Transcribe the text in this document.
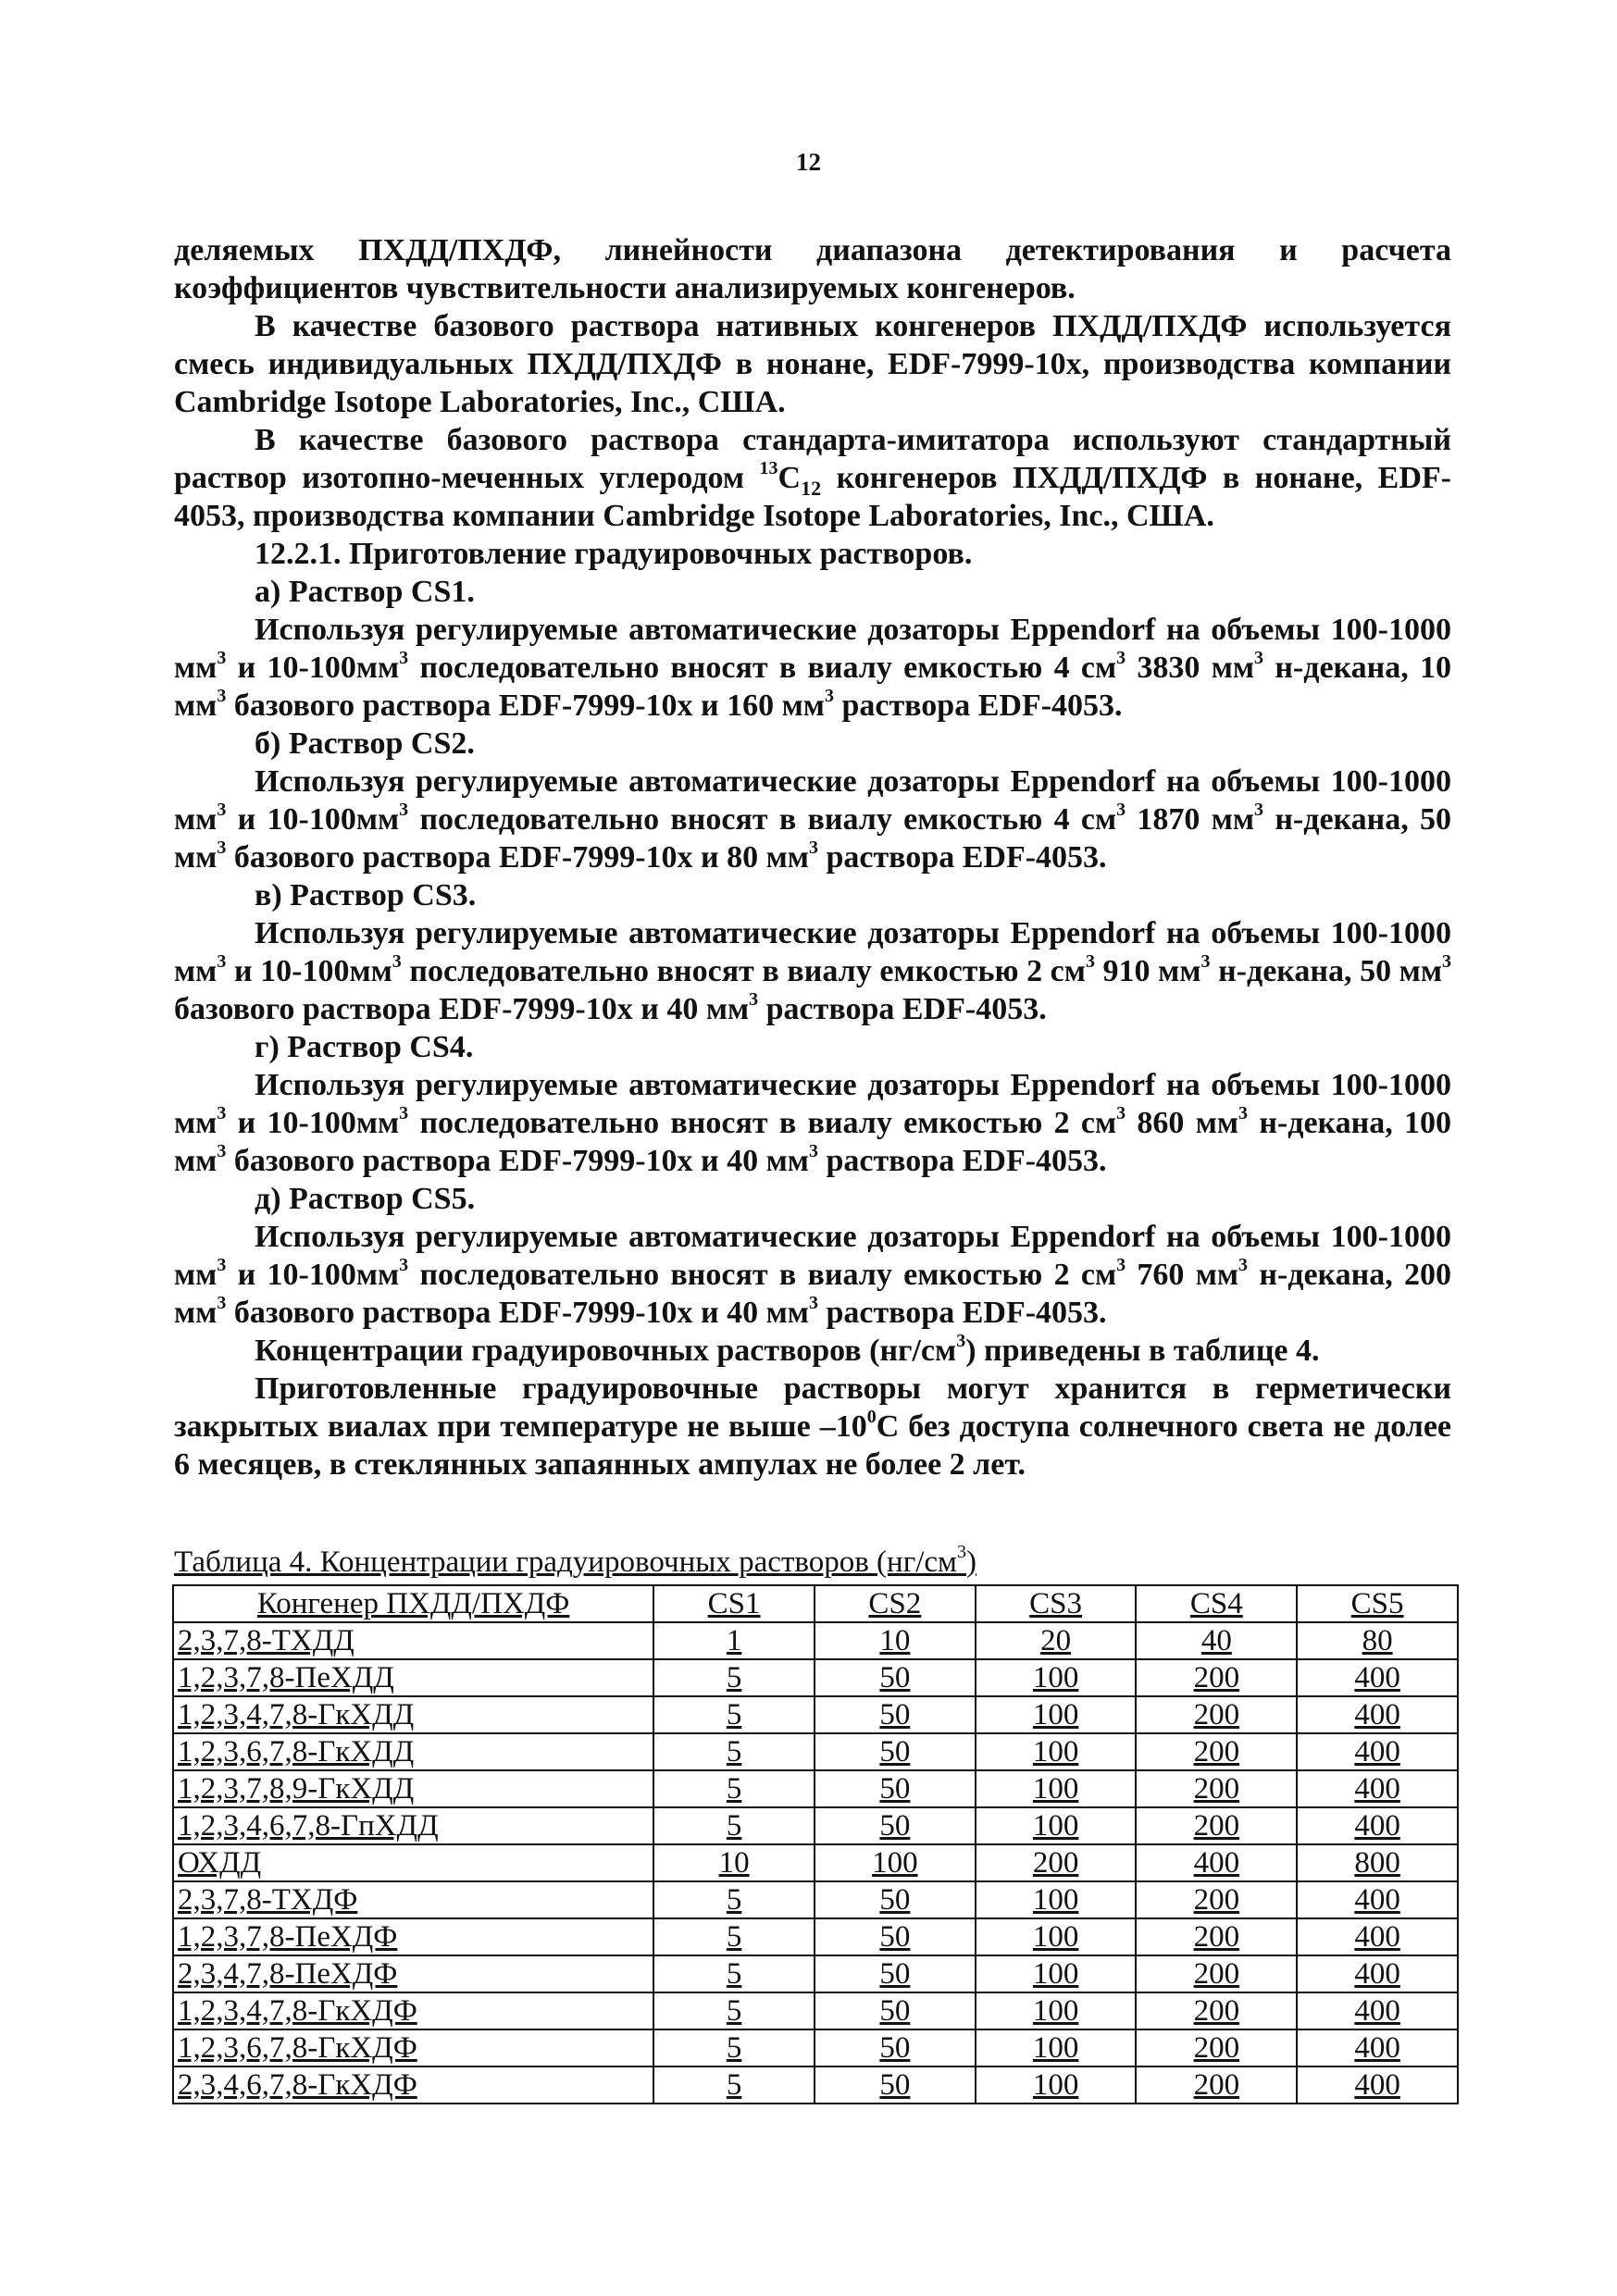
12

деляемых ПХДД/ПХДФ, линейности диапазона детектирования и расчета коэффициентов чувствительности анализируемых конгенеров.

В качестве базового раствора нативных конгенеров ПХДД/ПХДФ используется смесь индивидуальных ПХДД/ПХДФ в нонане, EDF-7999-10x, производства компании Cambridge Isotope Laboratories, Inc., США.

В качестве базового раствора стандарта-имитатора используют стандартный раствор изотопно-меченных углеродом $^{13}C_{12}$ конгенеров ПХДД/ПХДФ в нонане, EDF-4053, производства компании Cambridge Isotope Laboratories, Inc., США.

12.2.1. Приготовление градуировочных растворов.

а) Раствор CS1.

Используя регулируемые автоматические дозаторы Eppendorf на объемы 100-1000 $мм^3$ и $10-100мм^3$ последовательно вносят в виалу емкостью 4 $см^3$ 3830 $мм^3$ н-декана, 10 $мм^3$ базового раствора EDF-7999-10x и 160 $мм^3$ раствора EDF-4053.

б) Раствор CS2.

Используя регулируемые автоматические дозаторы Eppendorf на объемы 100-1000 $мм^3$ и $10-100мм^3$ последовательно вносят в виалу емкостью 4 $см^3$ 1870 $мм^3$ н-декана, 50 $мм^3$ базового раствора EDF-7999-10x и 80 $мм^3$ раствора EDF-4053.

в) Раствор CS3.

Используя регулируемые автоматические дозаторы Eppendorf на объемы 100-1000 $мм^3$ и $10-100мм^3$ последовательно вносят в виалу емкостью 2 $см^3$ 910 $мм^3$ н-декана, 50 $мм^3$ базового раствора EDF-7999-10x и 40 $мм^3$ раствора EDF-4053.

г) Раствор CS4.

Используя регулируемые автоматические дозаторы Eppendorf на объемы 100-1000 $мм^3$ и $10-100мм^3$ последовательно вносят в виалу емкостью 2 $см^3$ 860 $мм^3$ н-декана, 100 $мм^3$ базового раствора EDF-7999-10x и 40 $мм^3$ раствора EDF-4053.

д) Раствор CS5.

Используя регулируемые автоматические дозаторы Eppendorf на объемы 100-1000 $мм^3$ и $10-100мм^3$ последовательно вносят в виалу емкостью 2 $см^3$ 760 $мм^3$ н-декана, 200 $мм^3$ базового раствора EDF-7999-10x и 40 $мм^3$ раствора EDF-4053.

Концентрации градуировочных растворов $(нг/см^3)$ приведены в таблице 4.

Приготовленные градуировочные растворы могут хранится в герметически закрытых виалах при температуре не выше $-10^0С$ без доступа солнечного света не долее 6 месяцев, в стеклянных запаянных ампулах не более 2 лет.

Таблица 4. Концентрации градуировочных растворов $(нг/см^3)$
Конгенер ПХДД/ПХДФ	CS1	CS2	CS3	CS4	CS5
2,3,7,8-ТХДД	1	10	20	40	80
1,2,3,7,8-ПеХДД	5	50	100	200	400
1,2,3,4,7,8-ГкХДД	5	50	100	200	400
1,2,3,6,7,8-ГкХДД	5	50	100	200	400
1,2,3,7,8,9-ГкХДД	5	50	100	200	400
1,2,3,4,6,7,8-ГпХДД	5	50	100	200	400
ОХДД	10	100	200	400	800
2,3,7,8-ТХДФ	5	50	100	200	400
1,2,3,7,8-ПеХДФ	5	50	100	200	400
2,3,4,7,8-ПеХДФ	5	50	100	200	400
1,2,3,4,7,8-ГкХДФ	5	50	100	200	400
1,2,3,6,7,8-ГкХДФ	5	50	100	200	400
2,3,4,6,7,8-ГкХДФ	5	50	100	200	400
